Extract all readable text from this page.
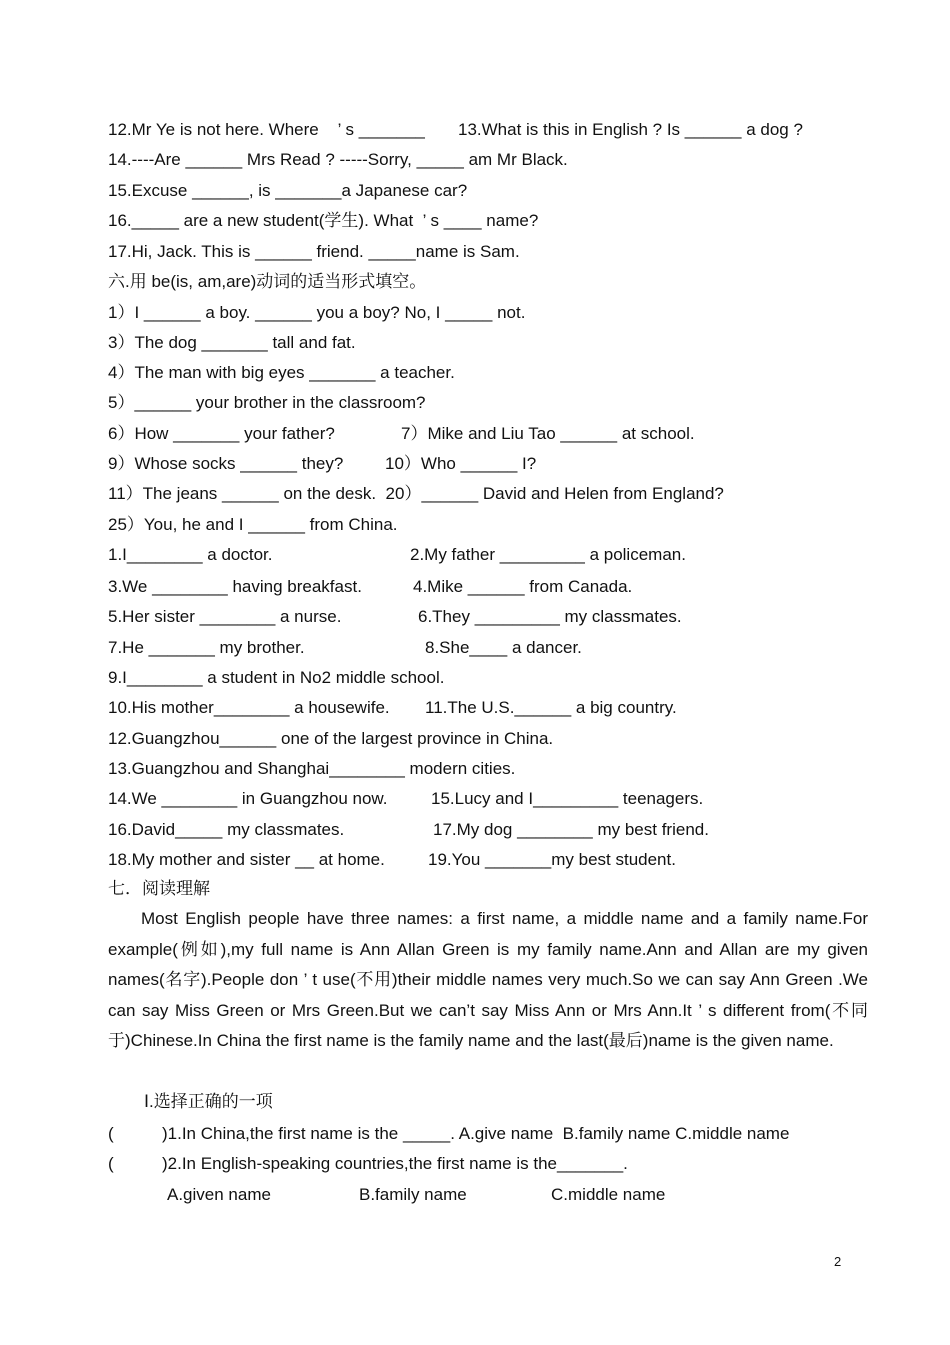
12.Mr Ye is not here. Where    ’ s _______ 13.What is this in English ? Is ______ a dog ?
14.----Are ______ Mrs Read ? -----Sorry, _____ am Mr Black.
15.Excuse ______, is _______a Japanese car?
16._____ are a new student(学生). What  ’ s ____ name?
17.Hi, Jack. This is ______ friend. _____name is Sam.
六.用 be(is, am,are)动词的适当形式填空。
1）I ______ a boy. ______ you a boy? No, I _____ not.
3）The dog _______ tall and fat.
4）The man with big eyes _______ a teacher.
5）______ your brother in the classroom?
6）How _______ your father?	7）Mike and Liu Tao ______ at school.
9）Whose socks ______ they? 10）Who ______ I?
11）The jeans ______ on the desk.  20）______ David and Helen from England?
25）You, he and I ______ from China.
1.I________ a doctor.	2.My father _________ a policeman.
3.We ________ having breakfast.	4.Mike ______ from Canada.
5.Her sister ________ a nurse.	6.They _________ my classmates.
7.He _______ my brother.	8.She____ a dancer.
9.I________ a student in No2 middle school.
10.His mother________ a housewife. 11.The U.S.______ a big country.
12.Guangzhou______ one of the largest province in China.
13.Guangzhou and Shanghai________ modern cities.
14.We ________ in Guangzhou now.	15.Lucy and I_________ teenagers.
16.David_____ my classmates.	17.My dog ________ my best friend.
18.My mother and sister __ at home.	19.You _______my best student.
七．阅读理解
Most English people have three names: a first name, a middle name and a family name.For example(例如),my full name is Ann Allan Green is my family name.Ann and Allan are my given names(名字).People don ’ t use(不用)their middle names very much.So we can say Ann Green .We can say Miss Green or Mrs Green.But we can’t say Miss Ann or Mrs Ann.It ’ s different from(不同于)Chinese.In China the first name is the family name and the last(最后)name is the given name.
Ⅰ.选择正确的一项
(	)1.In China,the first name is the _____. A.give name  B.family name C.middle name
(	)2.In English-speaking countries,the first name is the_______.
A.given name	B.family name	C.middle name
2
